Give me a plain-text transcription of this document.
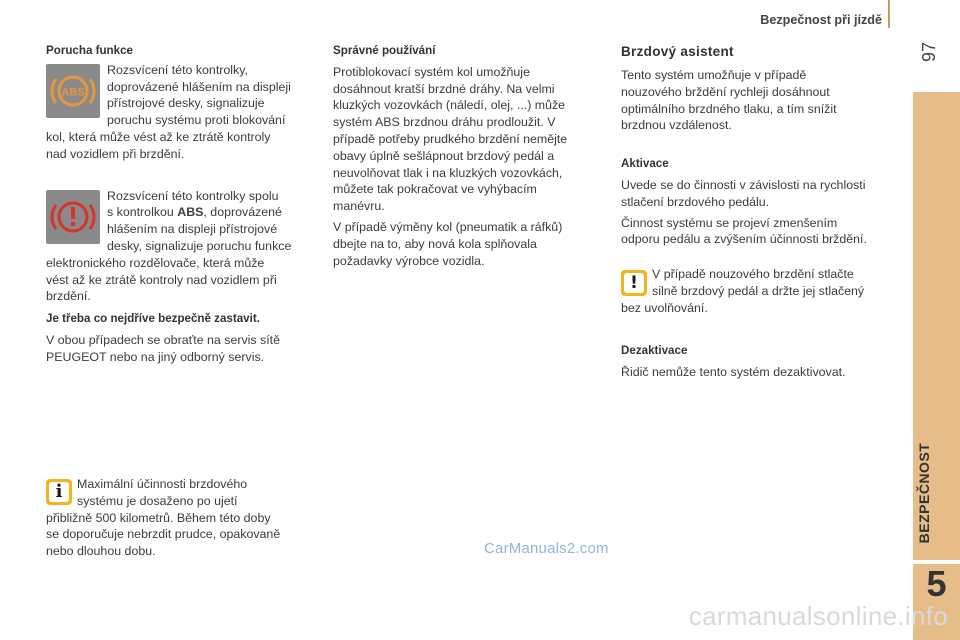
Bezpečnost při jízdě
97
BEZPEČNOST
5
ABS

Porucha funkce

Rozsvícení této kontrolky,

doprovázené hlášením na displeji

přístrojové desky, signalizuje

poruchu systému proti blokování

kol, která může vést až ke ztrátě kontroly

nad vozidlem při brzdění.

Rozsvícení této kontrolky spolu

s kontrolkou ABS, doprovázené

hlášením na displeji přístrojové

desky, signalizuje poruchu funkce

elektronického rozdělovače, která může

vést až ke ztrátě kontroly nad vozidlem při

brzdění.

Je třeba co nejdříve bezpečně zastavit.

V obou případech se obraťte na servis sítě

PEUGEOT nebo na jiný odborný servis.

i	Maximální účinnosti brzdového

systému je dosaženo po ujetí

přibližně 500 kilometrů. Během této doby

se doporučuje nebrzdit prudce, opakovaně

nebo dlouhou dobu.

Správné používání

Protiblokovací systém kol umožňuje

dosáhnout kratší brzdné dráhy. Na velmi

kluzkých vozovkách (náledí, olej, ...) může

systém ABS brzdnou dráhu prodloužit. V

případě potřeby prudkého brzdění nemějte

obavy úplně sešlápnout brzdový pedál a

neuvolňovat tlak i na kluzkých vozovkách,

můžete tak pokračovat ve vyhýbacím

manévru.

V případě výměny kol (pneumatik a ráfků)

dbejte na to, aby nová kola splňovala

požadavky výrobce vozidla.

Brzdový asistent

Tento systém umožňuje v případě

nouzového brždění rychleji dosáhnout

optimálního brzdného tlaku, a tím snížit

brzdnou vzdálenost.

Aktivace

Uvede se do činnosti v závislosti na rychlosti

stlačení brzdového pedálu.

Činnost systému se projeví zmenšením

odporu pedálu a zvýšením účinnosti brždění.

!	V případě nouzového brzdění stlačte

silně brzdový pedál a držte jej stlačený

bez uvolňování.

Dezaktivace

Řidič nemůže tento systém dezaktivovat.

CarManuals2.com
carmanualsonline.info
